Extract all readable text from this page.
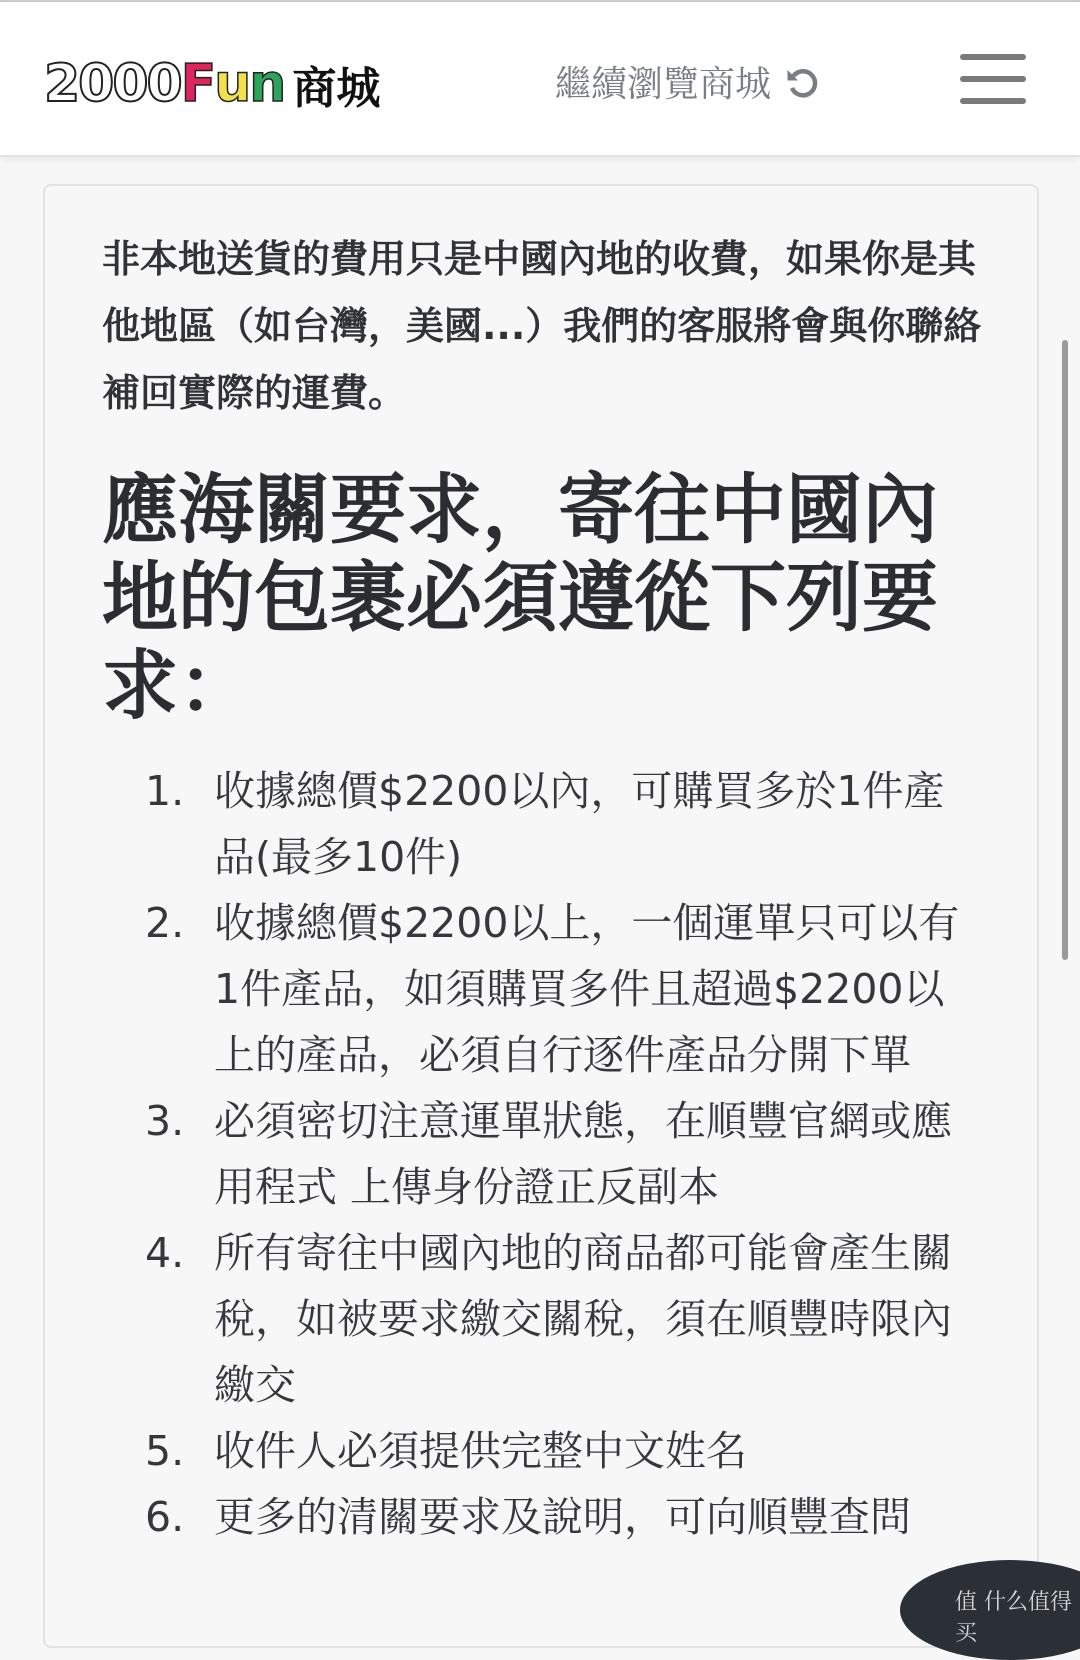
2000 F u n 商城	繼續瀏覽商城
非本地送貨的費用只是中國內地的收費，如果你是其他地區（如台灣，美國...）我們的客服將會與你聯絡補回實際的運費。
應海關要求，寄往中國內地的包裹必須遵從下列要求：
1. 收據總價$2200以內，可購買多於1件產品(最多10件)
2. 收據總價$2200以上，一個運單只可以有1件產品，如須購買多件且超過$2200以上的產品，必須自行逐件產品分開下單
3. 必須密切注意運單狀態，在順豐官網或應用程式 上傳身份證正反副本
4. 所有寄往中國內地的商品都可能會產生關稅，如被要求繳交關稅，須在順豐時限內繳交
5. 收件人必須提供完整中文姓名
6. 更多的清關要求及說明，可向順豐查問
值 什么值得买
